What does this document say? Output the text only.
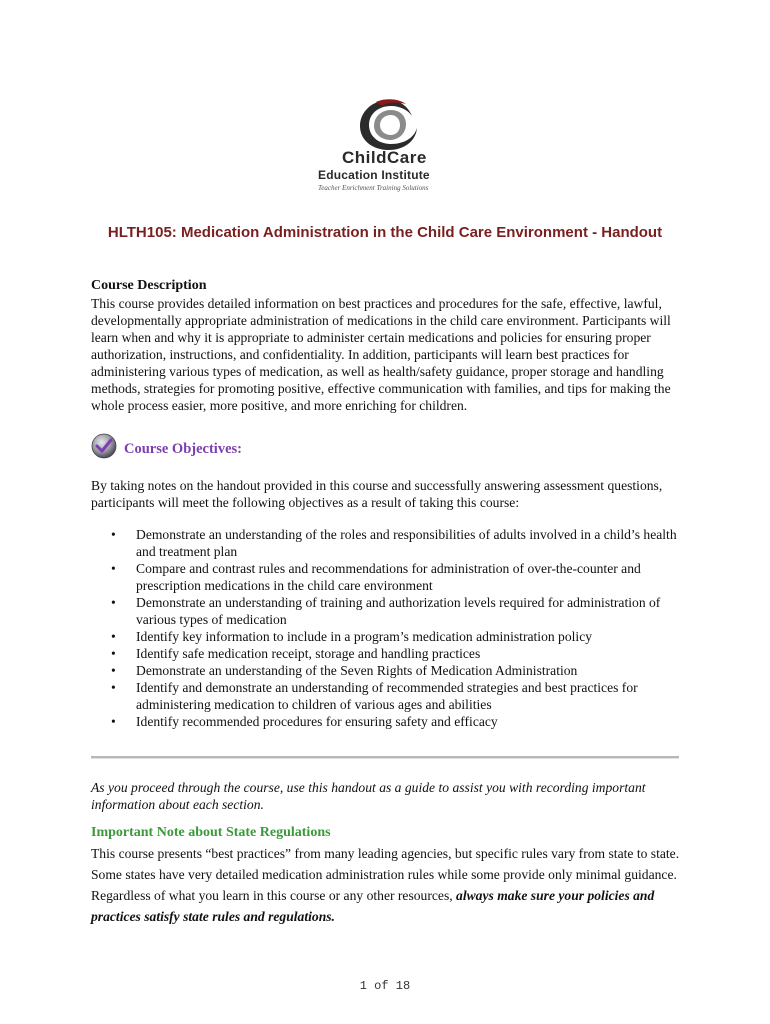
ChildCare
Education Institute
Teacher Enrichment Training Solutions
HLTH105: Medication Administration in the Child Care Environment - Handout
Course Description
This course provides detailed information on best practices and procedures for the safe, effective, lawful, developmentally appropriate administration of medications in the child care environment. Participants will learn when and why it is appropriate to administer certain medications and policies for ensuring proper authorization, instructions, and confidentiality. In addition, participants will learn best practices for administering various types of medication, as well as health/safety guidance, proper storage and handling methods, strategies for promoting positive, effective communication with families, and tips for making the whole process easier, more positive, and more enriching for children.
Course Objectives:
By taking notes on the handout provided in this course and successfully answering assessment questions, participants will meet the following objectives as a result of taking this course:
• Demonstrate an understanding of the roles and responsibilities of adults involved in a child’s health and treatment plan
• Compare and contrast rules and recommendations for administration of over-the-counter and prescription medications in the child care environment
• Demonstrate an understanding of training and authorization levels required for administration of various types of medication
• Identify key information to include in a program’s medication administration policy
• Identify safe medication receipt, storage and handling practices
• Demonstrate an understanding of the Seven Rights of Medication Administration
• Identify and demonstrate an understanding of recommended strategies and best practices for administering medication to children of various ages and abilities
• Identify recommended procedures for ensuring safety and efficacy
As you proceed through the course, use this handout as a guide to assist you with recording important information about each section.
Important Note about State Regulations
This course presents “best practices” from many leading agencies, but specific rules vary from state to state. Some states have very detailed medication administration rules while some provide only minimal guidance. Regardless of what you learn in this course or any other resources, always make sure your policies and practices satisfy state rules and regulations.
1 of 18
